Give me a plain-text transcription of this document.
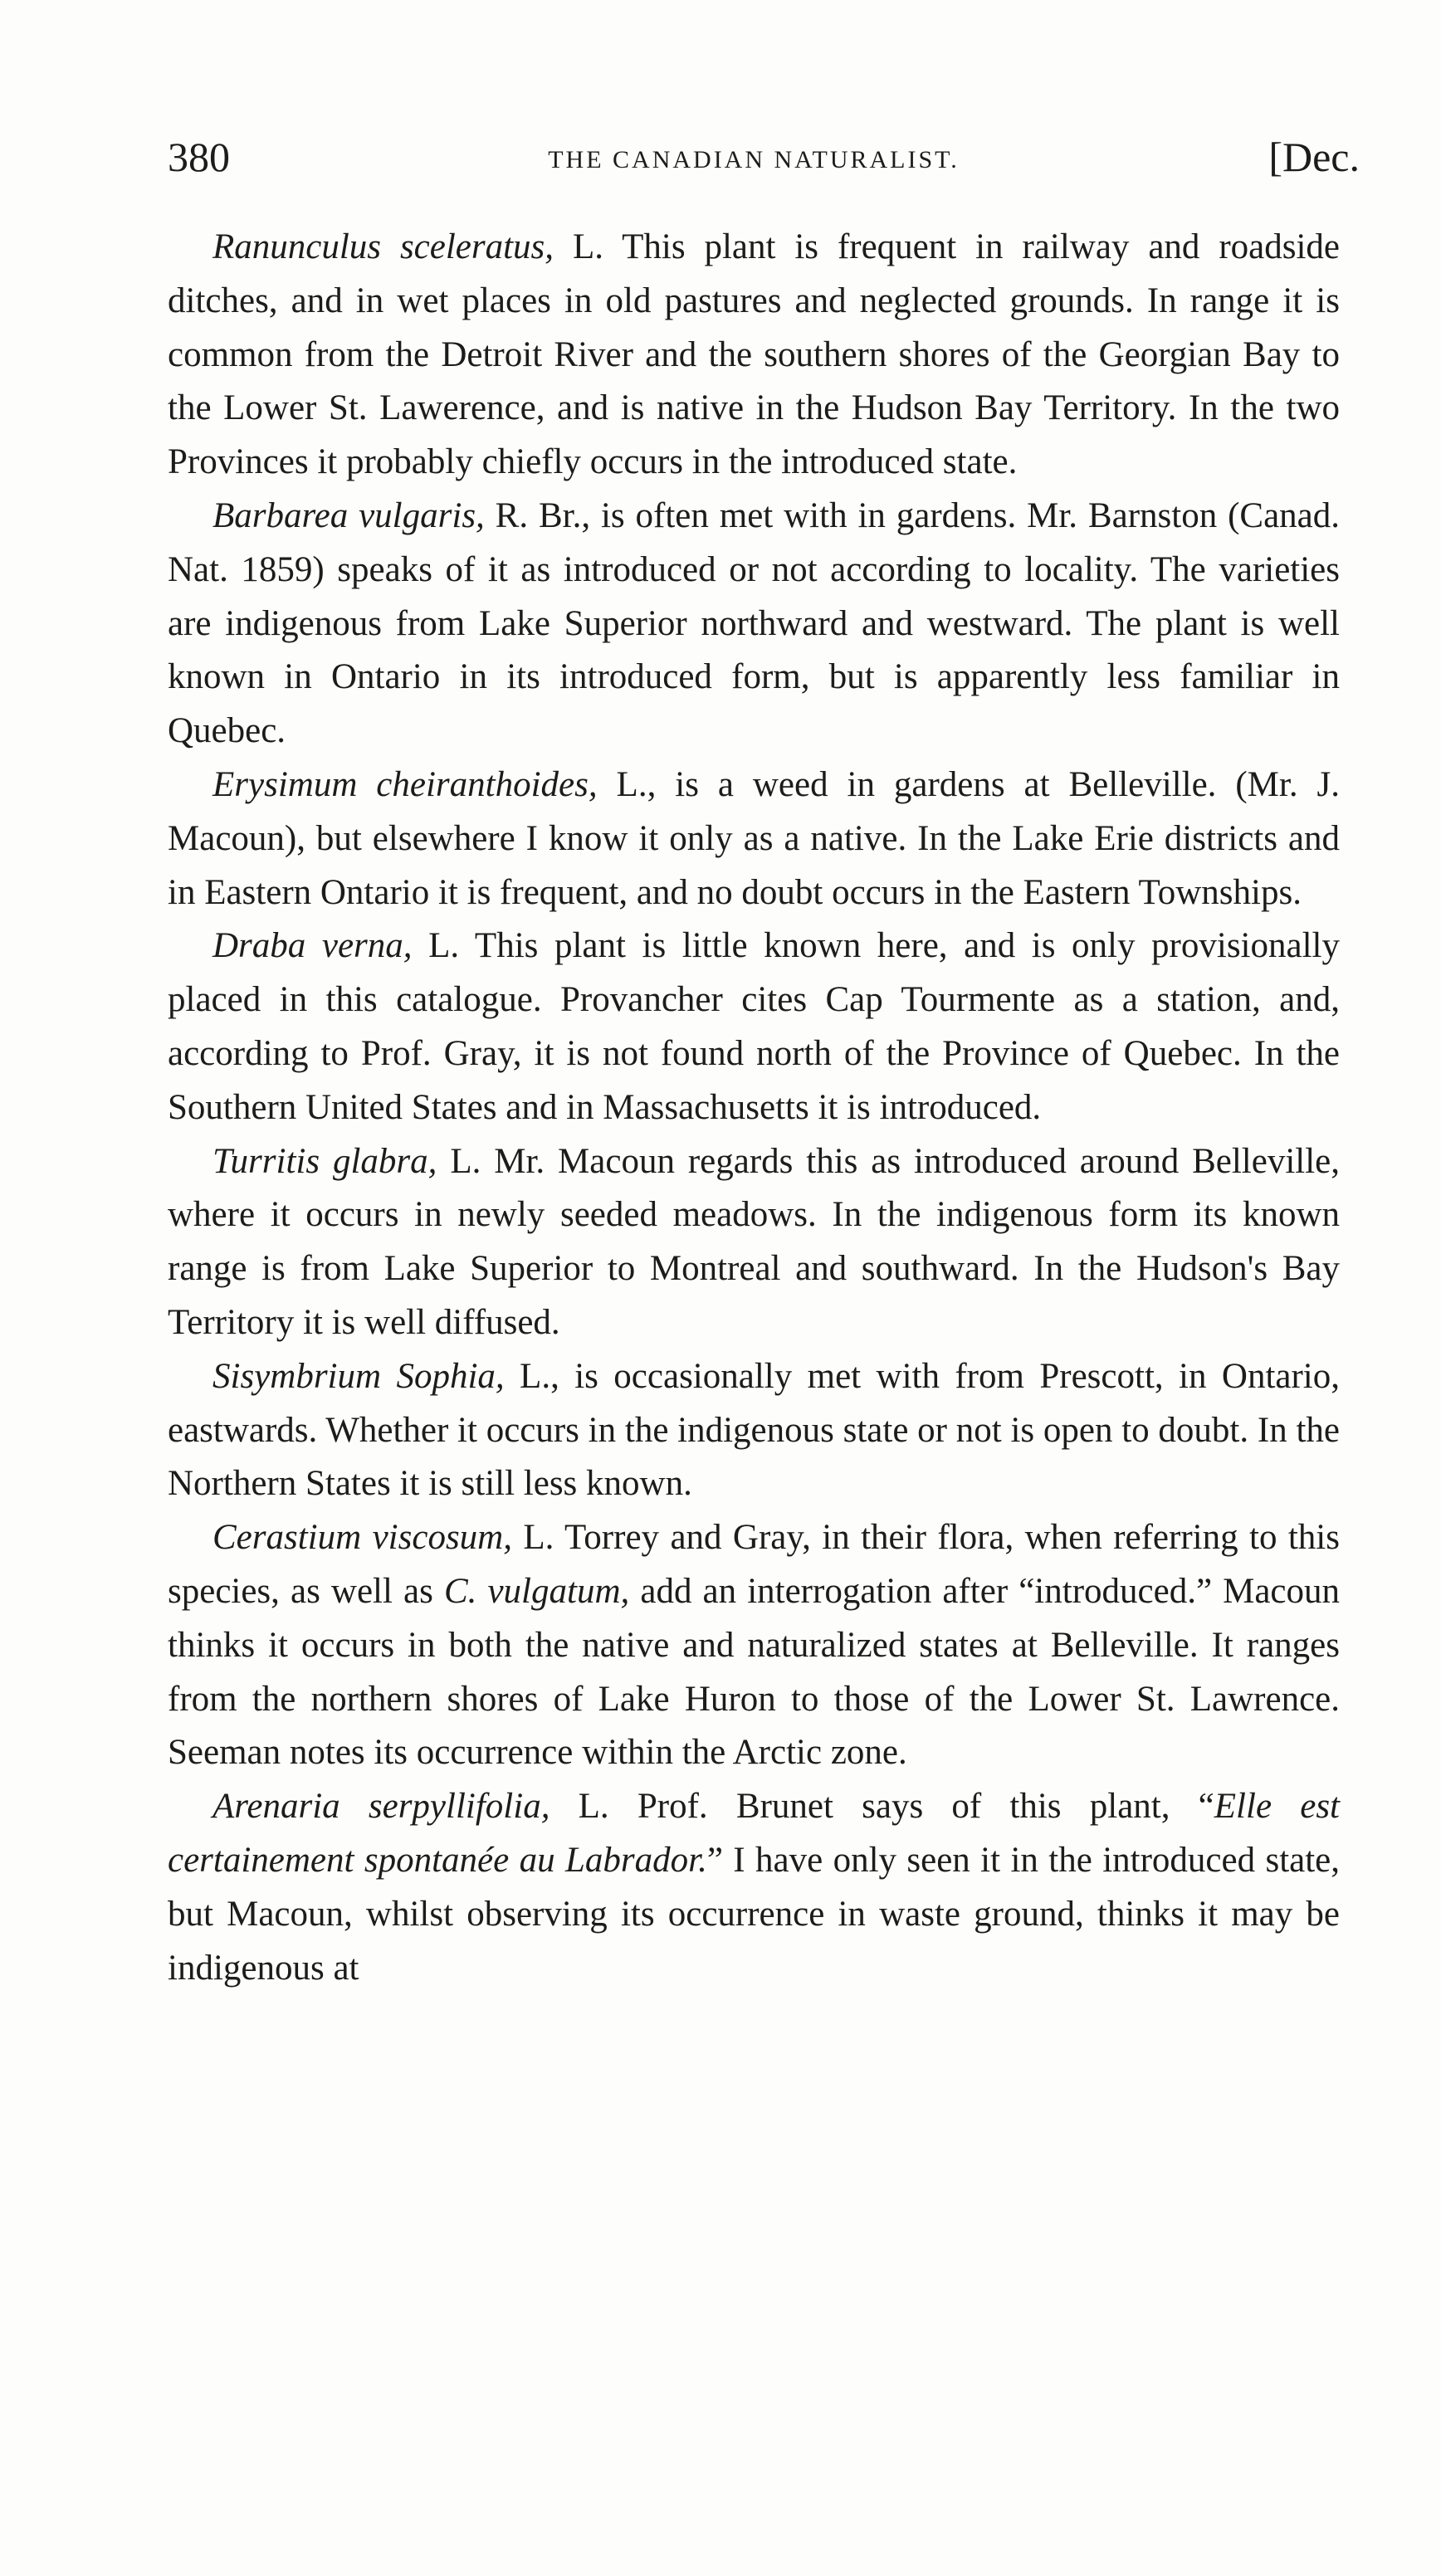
380	THE CANADIAN NATURALIST.	[Dec.

Ranunculus sceleratus, L. This plant is frequent in railway and roadside ditches, and in wet places in old pastures and neglected grounds. In range it is common from the Detroit River and the southern shores of the Georgian Bay to the Lower St. Lawerence, and is native in the Hudson Bay Territory. In the two Provinces it probably chiefly occurs in the introduced state.

Barbarea vulgaris, R. Br., is often met with in gardens. Mr. Barnston (Canad. Nat. 1859) speaks of it as introduced or not according to locality. The varieties are indigenous from Lake Superior northward and westward. The plant is well known in Ontario in its introduced form, but is apparently less familiar in Quebec.

Erysimum cheiranthoides, L., is a weed in gardens at Belleville. (Mr. J. Macoun), but elsewhere I know it only as a native. In the Lake Erie districts and in Eastern Ontario it is frequent, and no doubt occurs in the Eastern Townships.

Draba verna, L. This plant is little known here, and is only provisionally placed in this catalogue. Provancher cites Cap Tourmente as a station, and, according to Prof. Gray, it is not found north of the Province of Quebec. In the Southern United States and in Massachusetts it is introduced.

Turritis glabra, L. Mr. Macoun regards this as introduced around Belleville, where it occurs in newly seeded meadows. In the indigenous form its known range is from Lake Superior to Montreal and southward. In the Hudson's Bay Territory it is well diffused.

Sisymbrium Sophia, L., is occasionally met with from Prescott, in Ontario, eastwards. Whether it occurs in the indigenous state or not is open to doubt. In the Northern States it is still less known.

Cerastium viscosum, L. Torrey and Gray, in their flora, when referring to this species, as well as C. vulgatum, add an interrogation after “introduced.” Macoun thinks it occurs in both the native and naturalized states at Belleville. It ranges from the northern shores of Lake Huron to those of the Lower St. Lawrence. Seeman notes its occurrence within the Arctic zone.

Arenaria serpyllifolia, L. Prof. Brunet says of this plant, “Elle est certainement spontanée au Labrador.” I have only seen it in the introduced state, but Macoun, whilst observing its occurrence in waste ground, thinks it may be indigenous at
